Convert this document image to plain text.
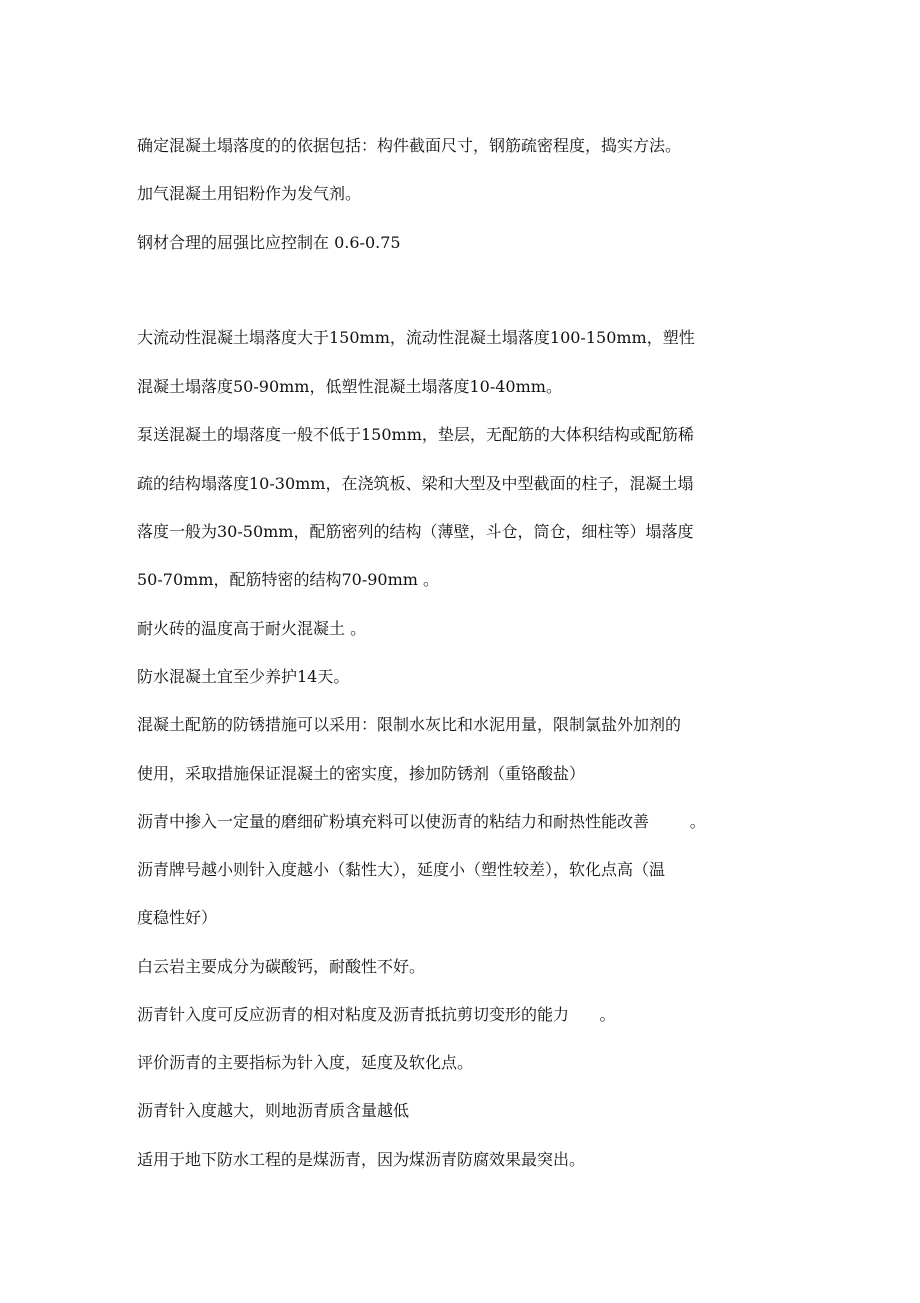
确定混凝土塌落度的的依据包括：构件截面尺寸，钢筋疏密程度，捣实方法。
加气混凝土用铝粉作为发气剂。
钢材合理的屈强比应控制在 0.6-0.75
大流动性混凝土塌落度大于150mm，流动性混凝土塌落度100-150mm，塑性
混凝土塌落度50-90mm，低塑性混凝土塌落度10-40mm。
泵送混凝土的塌落度一般不低于150mm，垫层，无配筋的大体积结构或配筋稀
疏的结构塌落度10-30mm，在浇筑板、梁和大型及中型截面的柱子，混凝土塌
落度一般为30-50mm，配筋密列的结构（薄壁，斗仓，筒仓，细柱等）塌落度
50-70mm，配筋特密的结构70-90mm 。
耐火砖的温度高于耐火混凝土 。
防水混凝土宜至少养护14天。
混凝土配筋的防锈措施可以采用：限制水灰比和水泥用量，限制氯盐外加剂的
使用，采取措施保证混凝土的密实度，掺加防锈剂（重铬酸盐）
沥青中掺入一定量的磨细矿粉填充料可以使沥青的粘结力和耐热性能改善        。
沥青牌号越小则针入度越小（黏性大），延度小（塑性较差），软化点高（温
度稳性好）
白云岩主要成分为碳酸钙，耐酸性不好。
沥青针入度可反应沥青的相对粘度及沥青抵抗剪切变形的能力      。
评价沥青的主要指标为针入度，延度及软化点。
沥青针入度越大，则地沥青质含量越低
适用于地下防水工程的是煤沥青，因为煤沥青防腐效果最突出。
